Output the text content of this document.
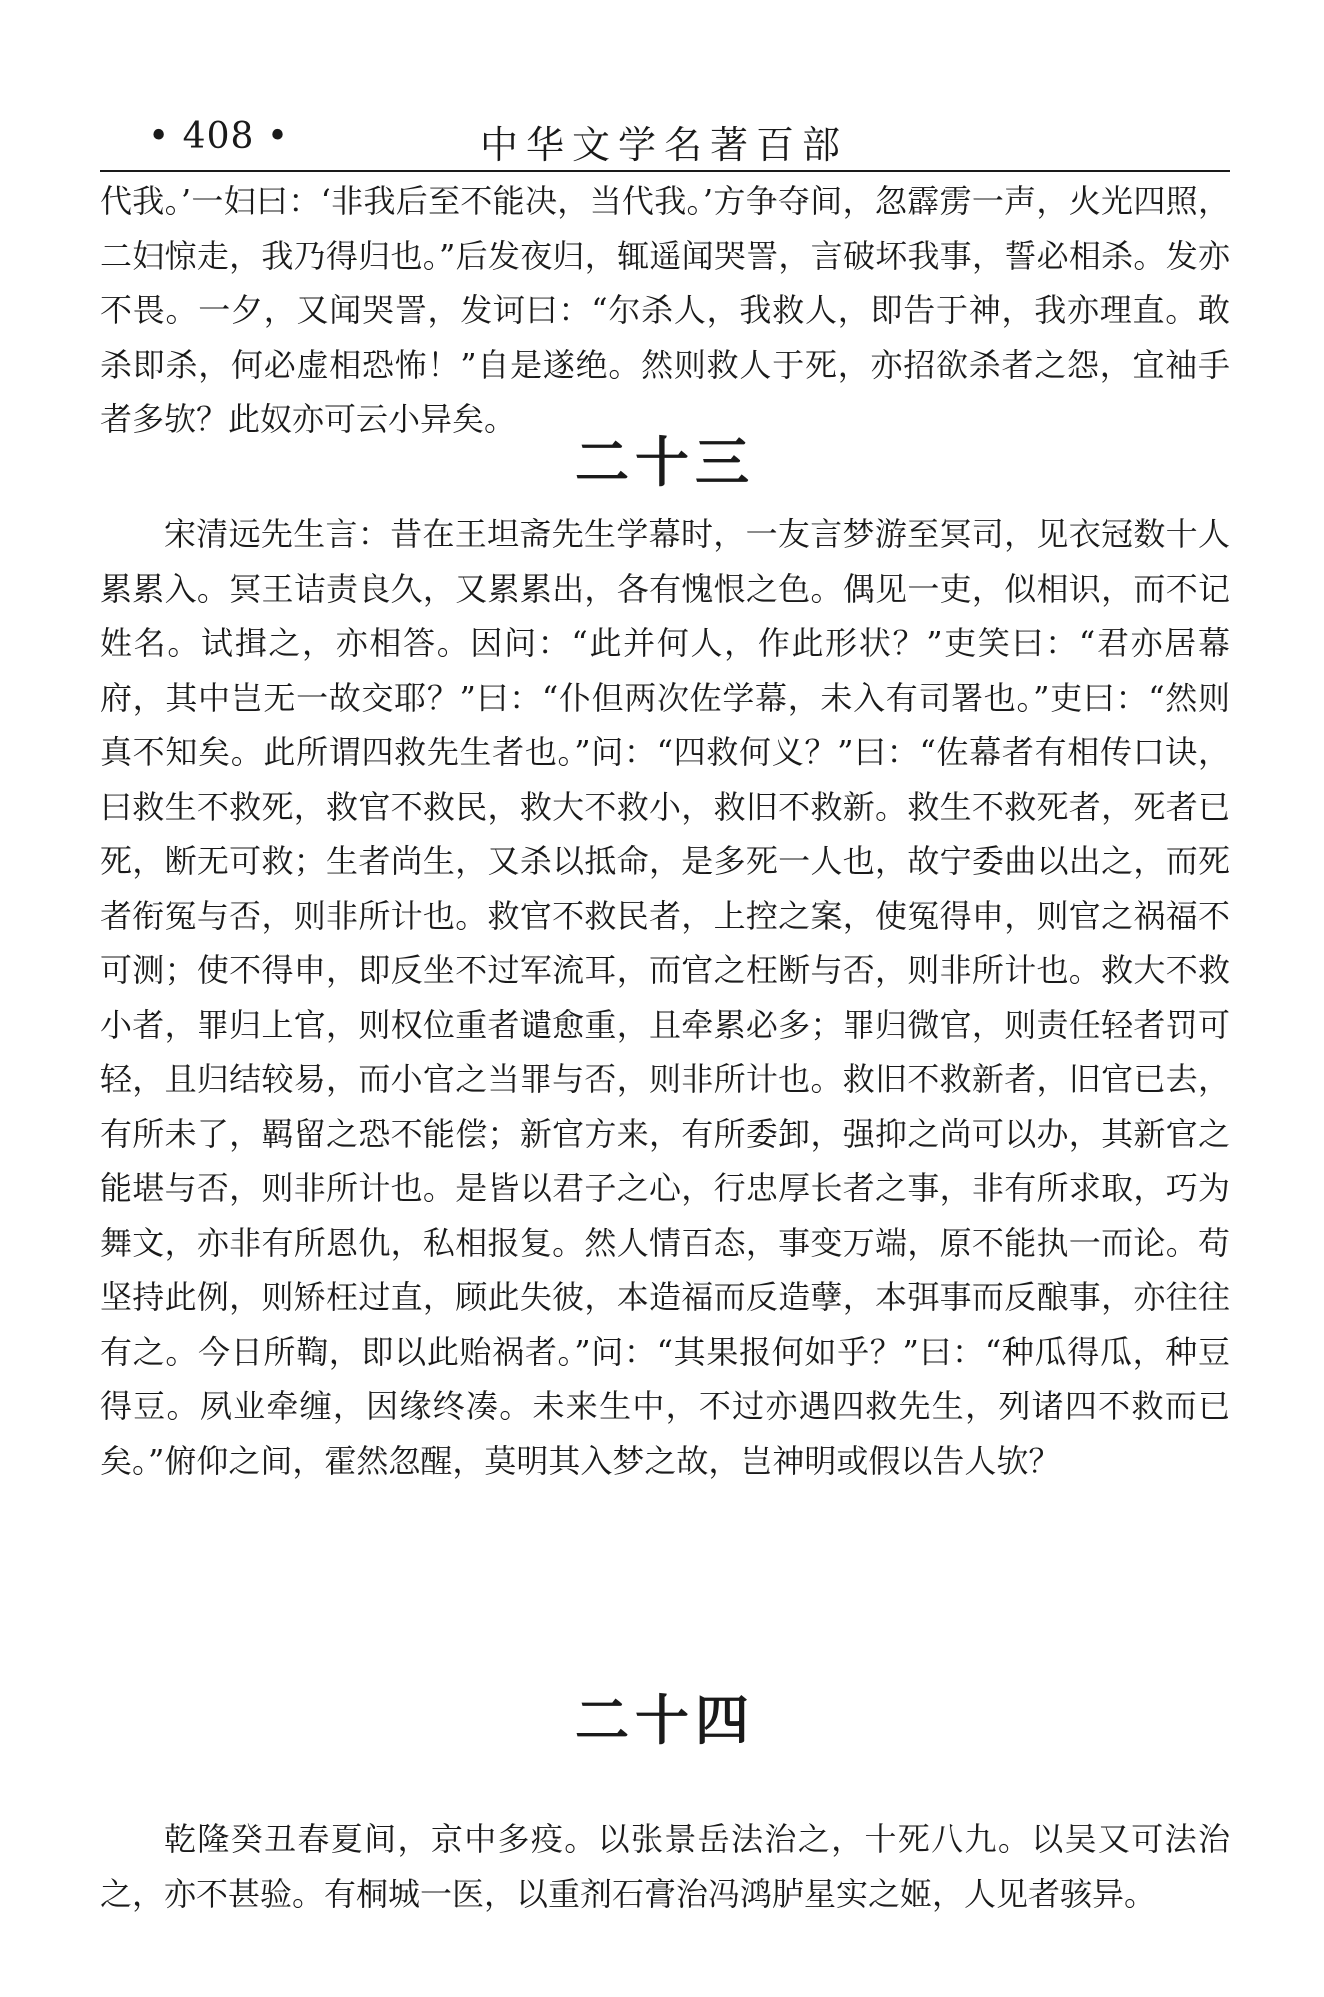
• 408 •	中华文学名著百部

代我。’一妇曰：‘非我后至不能决，当代我。’方争夺间，忽霹雳一声，火光四照，二妇惊走，我乃得归也。”后发夜归，辄遥闻哭詈，言破坏我事，誓必相杀。发亦不畏。一夕，又闻哭詈，发诃曰：“尔杀人，我救人，即告于神，我亦理直。敢杀即杀，何必虚相恐怖！”自是遂绝。然则救人于死，亦招欲杀者之怨，宜袖手者多欤？此奴亦可云小异矣。

二十三

宋清远先生言：昔在王坦斋先生学幕时，一友言梦游至冥司，见衣冠数十人累累入。冥王诘责良久，又累累出，各有愧恨之色。偶见一吏，似相识，而不记姓名。试揖之，亦相答。因问：“此并何人，作此形状？”吏笑曰：“君亦居幕府，其中岂无一故交耶？”曰：“仆但两次佐学幕，未入有司署也。”吏曰：“然则真不知矣。此所谓四救先生者也。”问：“四救何义？”曰：“佐幕者有相传口诀，曰救生不救死，救官不救民，救大不救小，救旧不救新。救生不救死者，死者已死，断无可救；生者尚生，又杀以抵命，是多死一人也，故宁委曲以出之，而死者衔冤与否，则非所计也。救官不救民者，上控之案，使冤得申，则官之祸福不可测；使不得申，即反坐不过军流耳，而官之枉断与否，则非所计也。救大不救小者，罪归上官，则权位重者谴愈重，且牵累必多；罪归微官，则责任轻者罚可轻，且归结较易，而小官之当罪与否，则非所计也。救旧不救新者，旧官已去，有所未了，羁留之恐不能偿；新官方来，有所委卸，强抑之尚可以办，其新官之能堪与否，则非所计也。是皆以君子之心，行忠厚长者之事，非有所求取，巧为舞文，亦非有所恩仇，私相报复。然人情百态，事变万端，原不能执一而论。苟坚持此例，则矫枉过直，顾此失彼，本造福而反造孽，本弭事而反酿事，亦往往有之。今日所鞫，即以此贻祸者。”问：“其果报何如乎？”曰：“种瓜得瓜，种豆得豆。夙业牵缠，因缘终凑。未来生中，不过亦遇四救先生，列诸四不救而已矣。”俯仰之间，霍然忽醒，莫明其入梦之故，岂神明或假以告人欤？

二十四

乾隆癸丑春夏间，京中多疫。以张景岳法治之，十死八九。以吴又可法治之，亦不甚验。有桐城一医，以重剂石膏治冯鸿胪星实之姬，人见者骇异。
